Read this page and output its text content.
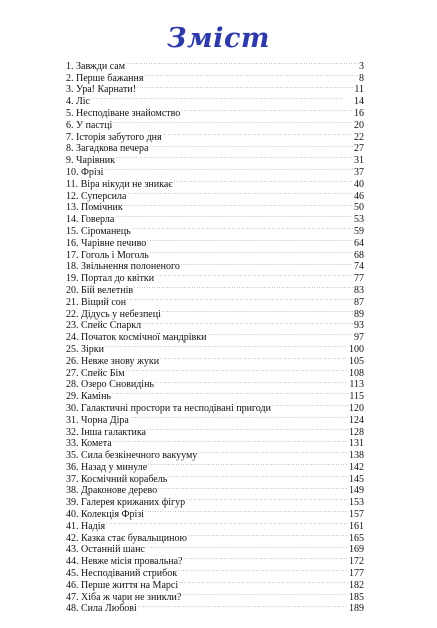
Зміст
1. Завжди сам . . .	3
2. Перше бажання . . .	8
3. Ура! Карнати! . . .	11
4. Ліс . . .	14
5. Несподіване знайомство . . .	16
6. У пастці . . .	20
7. Історія забутого дня . . .	22
8. Загадкова печера . . .	27
9. Чарівник . . .	31
10. Фрізі . . .	37
11. Віра нікуди не зникає . . .	40
12. Суперсила . . .	46
13. Помічник . . .	50
14. Говерла . . .	53
15. Сіроманець . . .	59
16. Чарівне печиво . . .	64
17. Гоголь і Моголь . . .	68
18. Звільнення полоненого . . .	74
19. Портал до квітки . . .	77
20. Бій велетнів . . .	83
21. Віщий сон . . .	87
22. Дідусь у небезпеці . . .	89
23. Спейс Спаркл . . .	93
24. Початок космічної мандрівки . . .	97
25. Зірки . . .	100
26. Невже знову жуки . . .	105
27. Спейс Бім . . .	108
28. Озеро Сновидінь . . .	113
29. Камінь . . .	115
30. Галактичні простори та несподівані пригоди . . .	120
31. Чорна Діра . . .	124
32. Інша галактика . . .	128
33. Комета . . .	131
35. Сила безкінечного вакууму . . .	138
36. Назад у минуле . . .	142
37. Космічний корабель . . .	145
38. Драконове дерево . . .	149
39. Галерея крижаних фігур . . .	153
40. Колекція Фрізі . . .	157
41. Надія . . .	161
42. Казка стає бувальщиною . . .	165
43. Останній шанс . . .	169
44. Невже місія провальна? . . .	172
45. Несподіваний стрибок . . .	177
46. Перше життя на Марсі . . .	182
47. Хіба ж чари не зникли? . . .	185
48. Сила Любові . . .	189
